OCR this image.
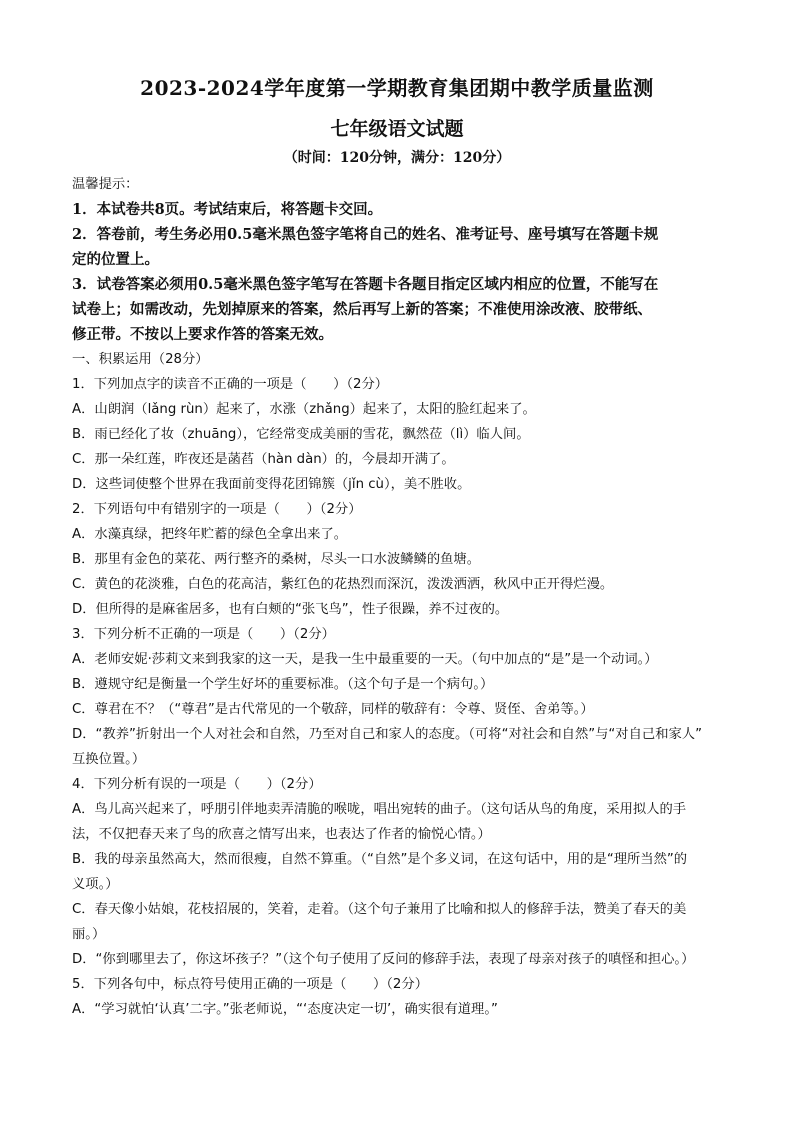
2023-2024学年度第一学期教育集团期中教学质量监测
七年级语文试题
（时间：120分钟，满分：120分）
温馨提示：
1．本试卷共8页。考试结束后，将答题卡交回。
2．答卷前，考生务必用0.5毫米黑色签字笔将自己的姓名、准考证号、座号填写在答题卡规
定的位置上。
3．试卷答案必须用0.5毫米黑色签字笔写在答题卡各题目指定区域内相应的位置，不能写在
试卷上；如需改动，先划掉原来的答案，然后再写上新的答案；不准使用涂改液、胶带纸、
修正带。不按以上要求作答的答案无效。
一、积累运用（28分）
1．下列加点字的读音不正确的一项是（　　）（2分）
A．山朗润（lǎng rùn）起来了，水涨（zhǎng）起来了，太阳的脸红起来了。
B．雨已经化了妆（zhuāng），它经常变成美丽的雪花，飘然莅（lì）临人间。
C．那一朵红莲，昨夜还是菡萏（hàn dàn）的，今晨却开满了。
D．这些词使整个世界在我面前变得花团锦簇（jǐn cù），美不胜收。
2．下列语句中有错别字的一项是（　　）（2分）
A．水藻真绿，把终年贮蓄的绿色全拿出来了。
B．那里有金色的菜花、两行整齐的桑树，尽头一口水波鳞鳞的鱼塘。
C．黄色的花淡雅，白色的花高洁，紫红色的花热烈而深沉，泼泼洒洒，秋风中正开得烂漫。
D．但所得的是麻雀居多，也有白颊的“张飞鸟”，性子很躁，养不过夜的。
3．下列分析不正确的一项是（　　）（2分）
A．老师安妮·莎莉文来到我家的这一天，是我一生中最重要的一天。（句中加点的“是”是一个动词。）
B．遵规守纪是衡量一个学生好坏的重要标准。（这个句子是一个病句。）
C．尊君在不？（“尊君”是古代常见的一个敬辞，同样的敬辞有：令尊、贤侄、舍弟等。）
D．“教养”折射出一个人对社会和自然，乃至对自己和家人的态度。（可将“对社会和自然”与“对自己和家人”
互换位置。）
4．下列分析有误的一项是（　　）（2分）
A．鸟儿高兴起来了，呼朋引伴地卖弄清脆的喉咙，唱出宛转的曲子。（这句话从鸟的角度，采用拟人的手
法，不仅把春天来了鸟的欣喜之情写出来，也表达了作者的愉悦心情。）
B．我的母亲虽然高大，然而很瘦，自然不算重。（“自然”是个多义词，在这句话中，用的是“理所当然”的
义项。）
C．春天像小姑娘，花枝招展的，笑着，走着。（这个句子兼用了比喻和拟人的修辞手法，赞美了春天的美
丽。）
D．“你到哪里去了，你这坏孩子？”（这个句子使用了反问的修辞手法，表现了母亲对孩子的嗔怪和担心。）
5．下列各句中，标点符号使用正确的一项是（　　）（2分）
A．“学习就怕‘认真’二字。”张老师说，“‘态度决定一切’，确实很有道理。”
